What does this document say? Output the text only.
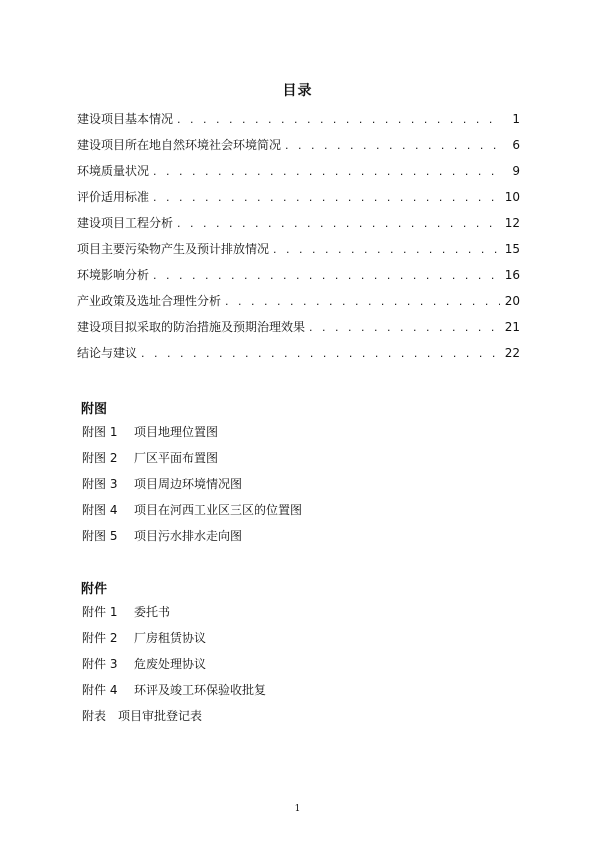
目录
建设项目基本情况 . . .	1
建设项目所在地自然环境社会环境简况 . . .	6
环境质量状况 . . .	9
评价适用标准 . . .	10
建设项目工程分析 . . .	12
项目主要污染物产生及预计排放情况 . . .	15
环境影响分析 . . .	16
产业政策及选址合理性分析 . . .	20
建设项目拟采取的防治措施及预期治理效果 . . .	21
结论与建议 . . .	22
附图
附图 1	项目地理位置图
附图 2	厂区平面布置图
附图 3	项目周边环境情况图
附图 4	项目在河西工业区三区的位置图
附图 5	项目污水排水走向图
附件
附件 1	委托书
附件 2	厂房租赁协议
附件 3	危废处理协议
附件 4	环评及竣工环保验收批复
附表 项目审批登记表
1
